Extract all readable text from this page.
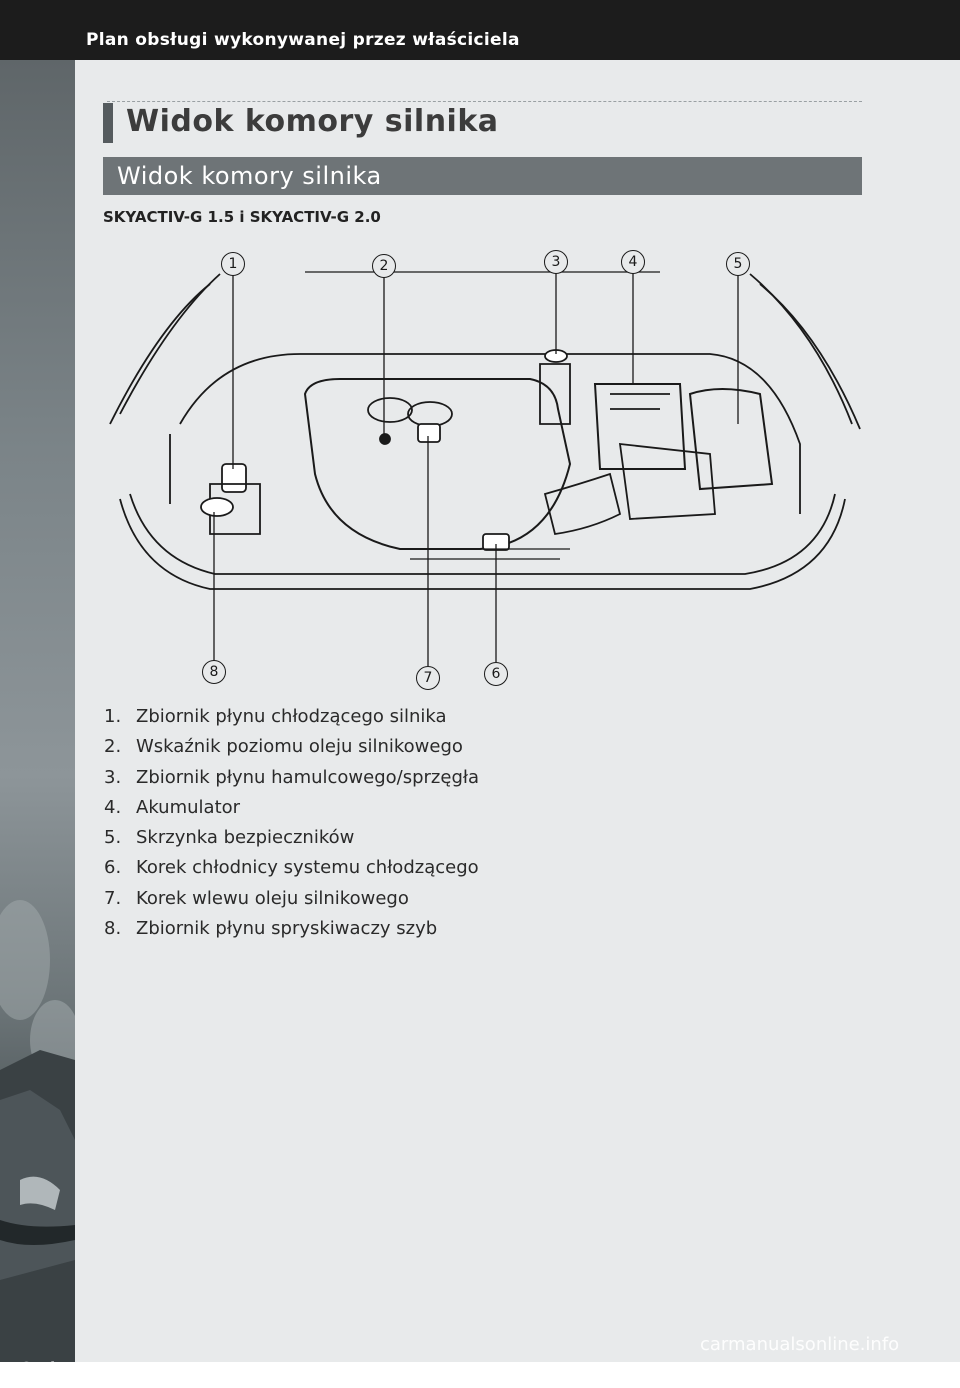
Plan obsługi wykonywanej przez właściciela
6-4
Widok komory silnika
Widok komory silnika
SKYACTIV-G 1.5 i SKYACTIV-G 2.0
1	2	3	4	5
6
7
8
1. Zbiornik płynu chłodzącego silnika
2. Wskaźnik poziomu oleju silnikowego
3. Zbiornik płynu hamulcowego/sprzęgła
4. Akumulator
5. Skrzynka bezpieczników
6. Korek chłodnicy systemu chłodzącego
7. Korek wlewu oleju silnikowego
8. Zbiornik płynu spryskiwaczy szyb
carmanualsonline.info
